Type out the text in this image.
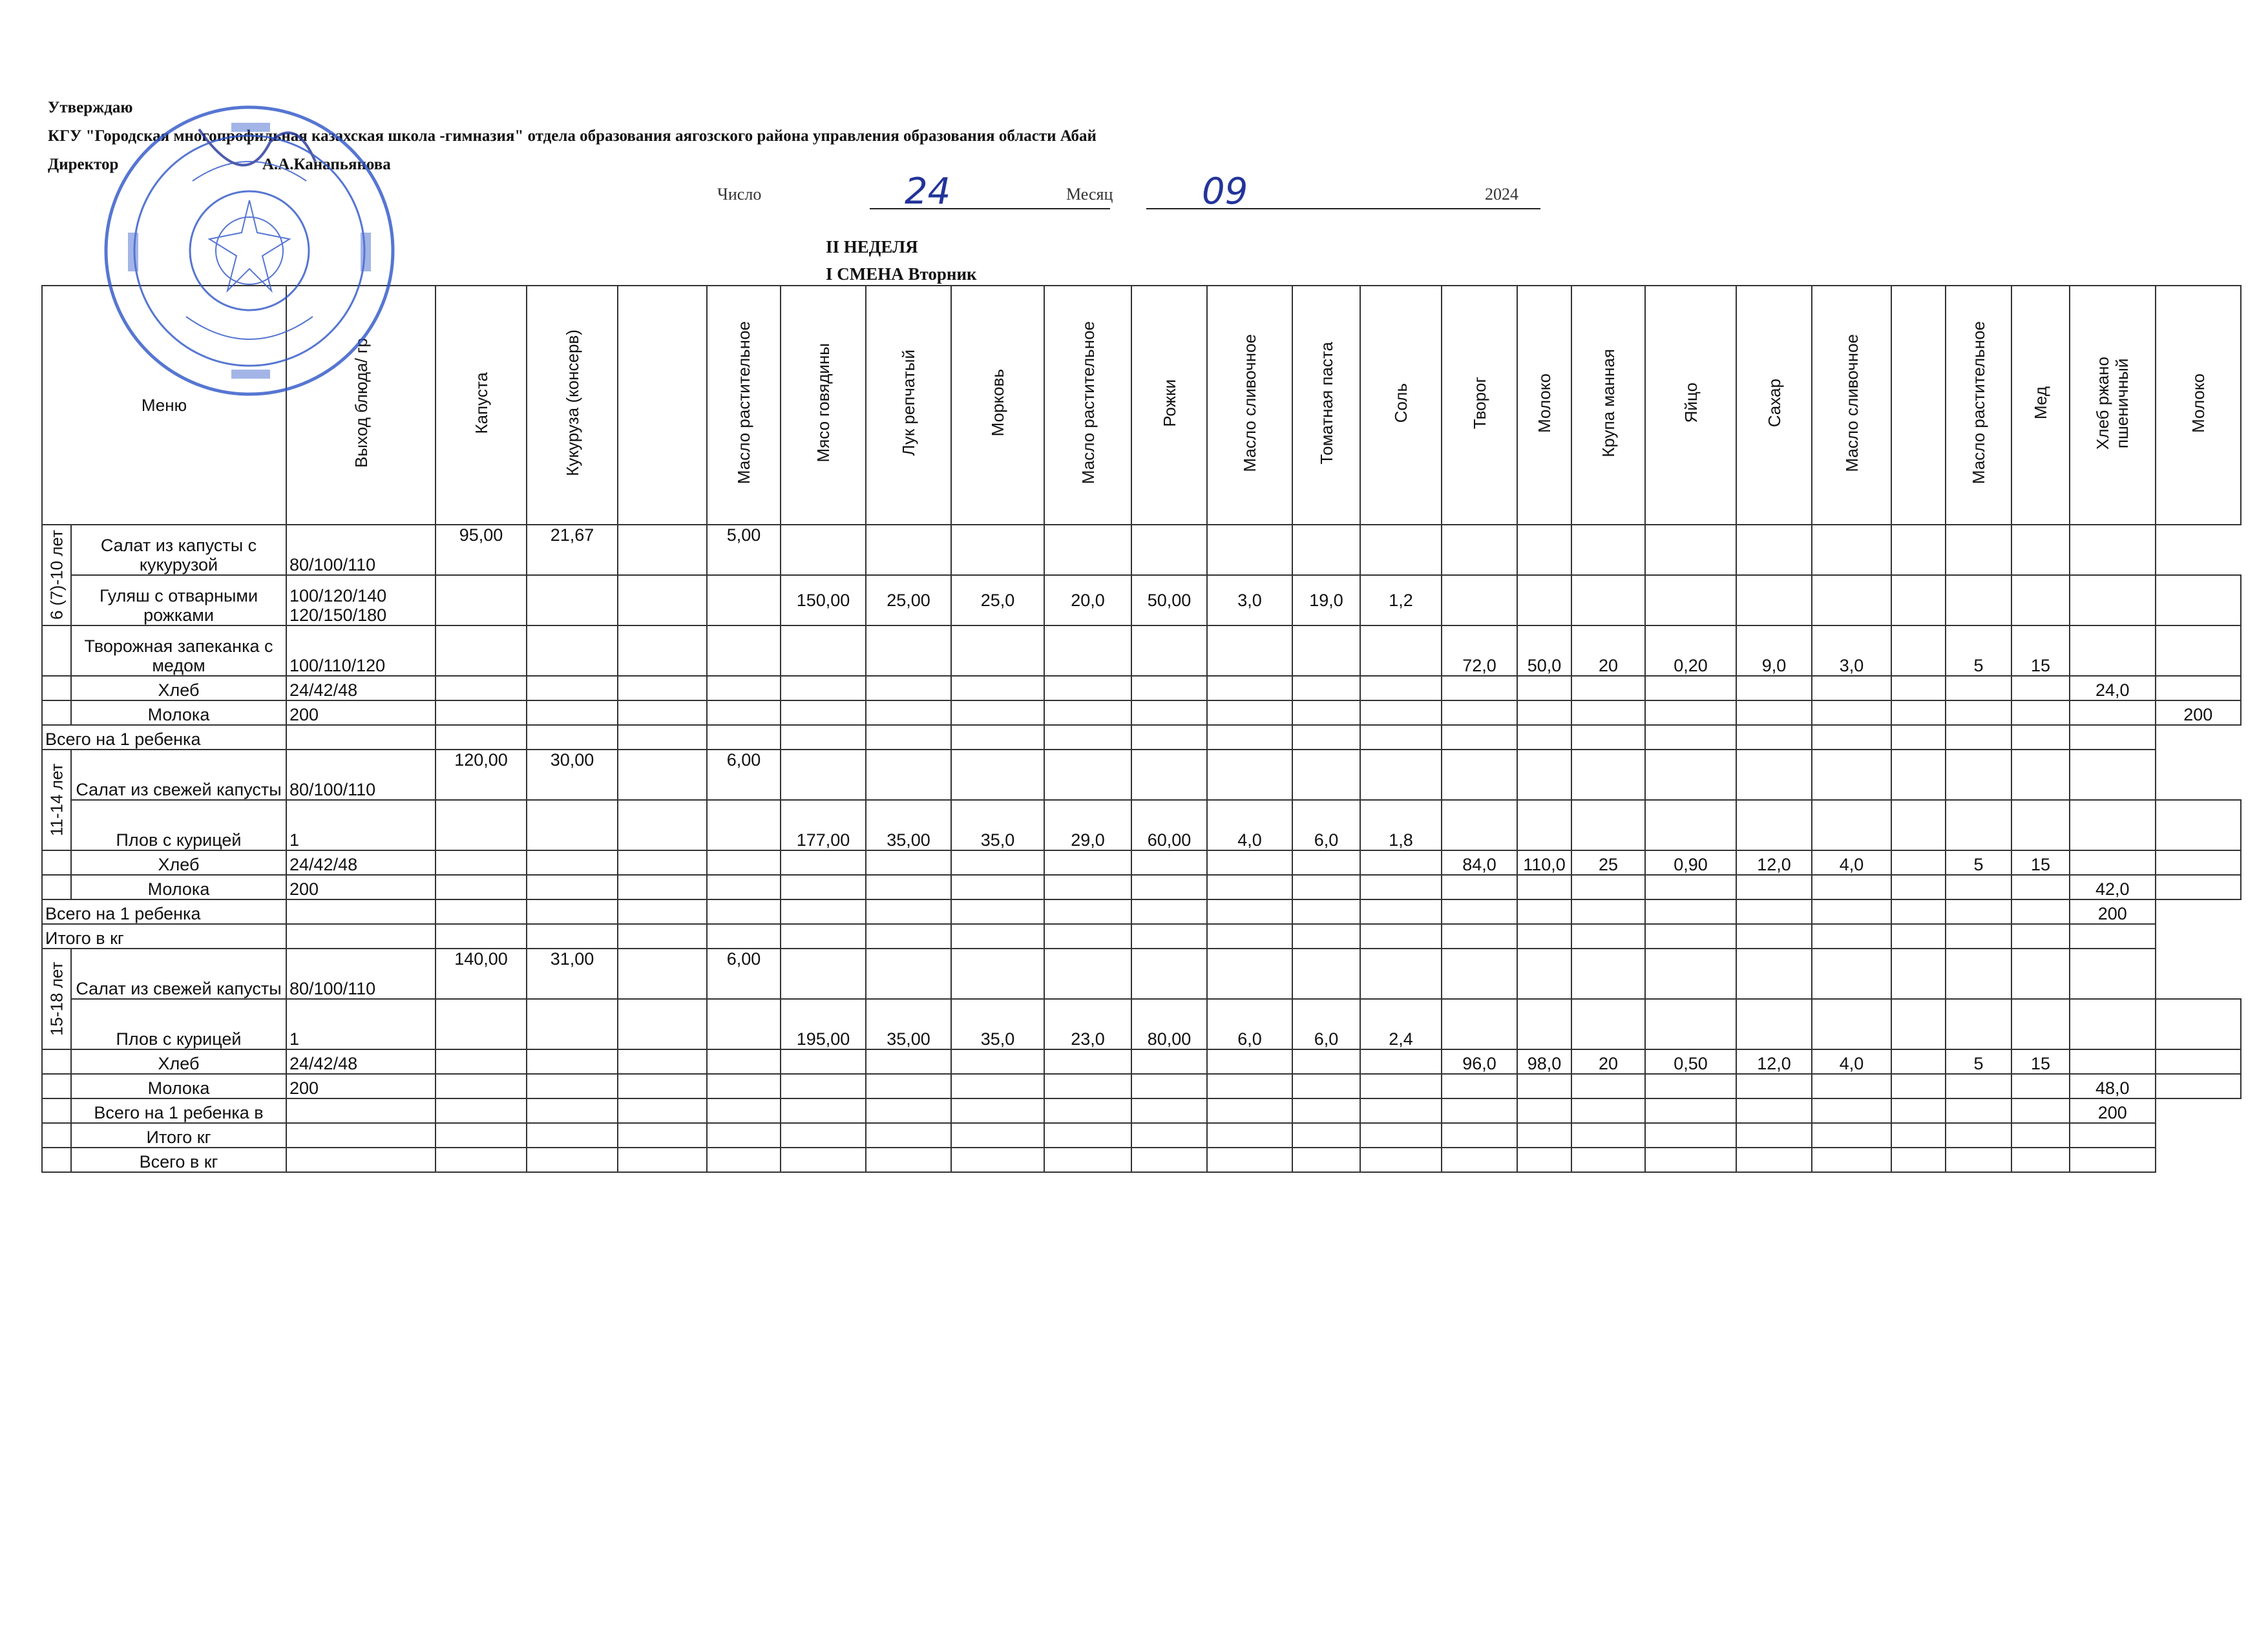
Утверждаю
КГУ "Городская многопрофильная казахская школа -гимназия" отдела образования аягозского района управления образования области Абай
Директор	А.А.Канапьянова
Число	24	Месяц 09	2024
II НЕДЕЛЯ
I СМЕНА Вторник
Меню		Выход блюда/ гр	Капуста	Кукуруза (консерв)		Масло растительное	Мясо говядины	Лук репчатый	Морковь	Масло растительное	Рожки	Масло сливочное	Томатная паста	Соль	Творог	Молоко	Крупа манная	Яйцо	Сахар	Масло сливочное		Масло растительное	Мед	Хлеб ржано пшеничный	Молоко
6 (7)-10 лет	Салат из капусты с кукурузой	80/100/110	95,00	21,67		5,00																			
	Гуляш с отварными рожками	100/120/140 120/150/180					150,00	25,00	25,0	20,0	50,00	3,0	19,0	1,2											
	Творожная запеканка с медом	100/110/120													72,0	50,0	20	0,20	9,0	3,0		5	15		
	Хлеб	24/42/48																						24,0	
	Молока	200																							200
Всего на 1 ребенка																									
11-14 лет	Салат из свежей капусты	80/100/110	120,00	30,00		6,00																			
	Плов с курицей	1					177,00	35,00	35,0	29,0	60,00	4,0	6,0	1,8											
	Хлеб	24/42/48													84,0	110,0	25	0,90	12,0	4,0		5	15		
	Молока	200																						42,0	
Всего на 1 ребенка																								200	
Итого в кг																									
15-18 лет	Салат из свежей капусты	80/100/110	140,00	31,00		6,00																			
	Плов с курицей	1					195,00	35,00	35,0	23,0	80,00	6,0	6,0	2,4											
	Хлеб	24/42/48													96,0	98,0	20	0,50	12,0	4,0		5	15		
	Молока	200																						48,0	
	Всего на 1 ребенка в																							200	
	Итого кг																								
	Всего в кг																								
